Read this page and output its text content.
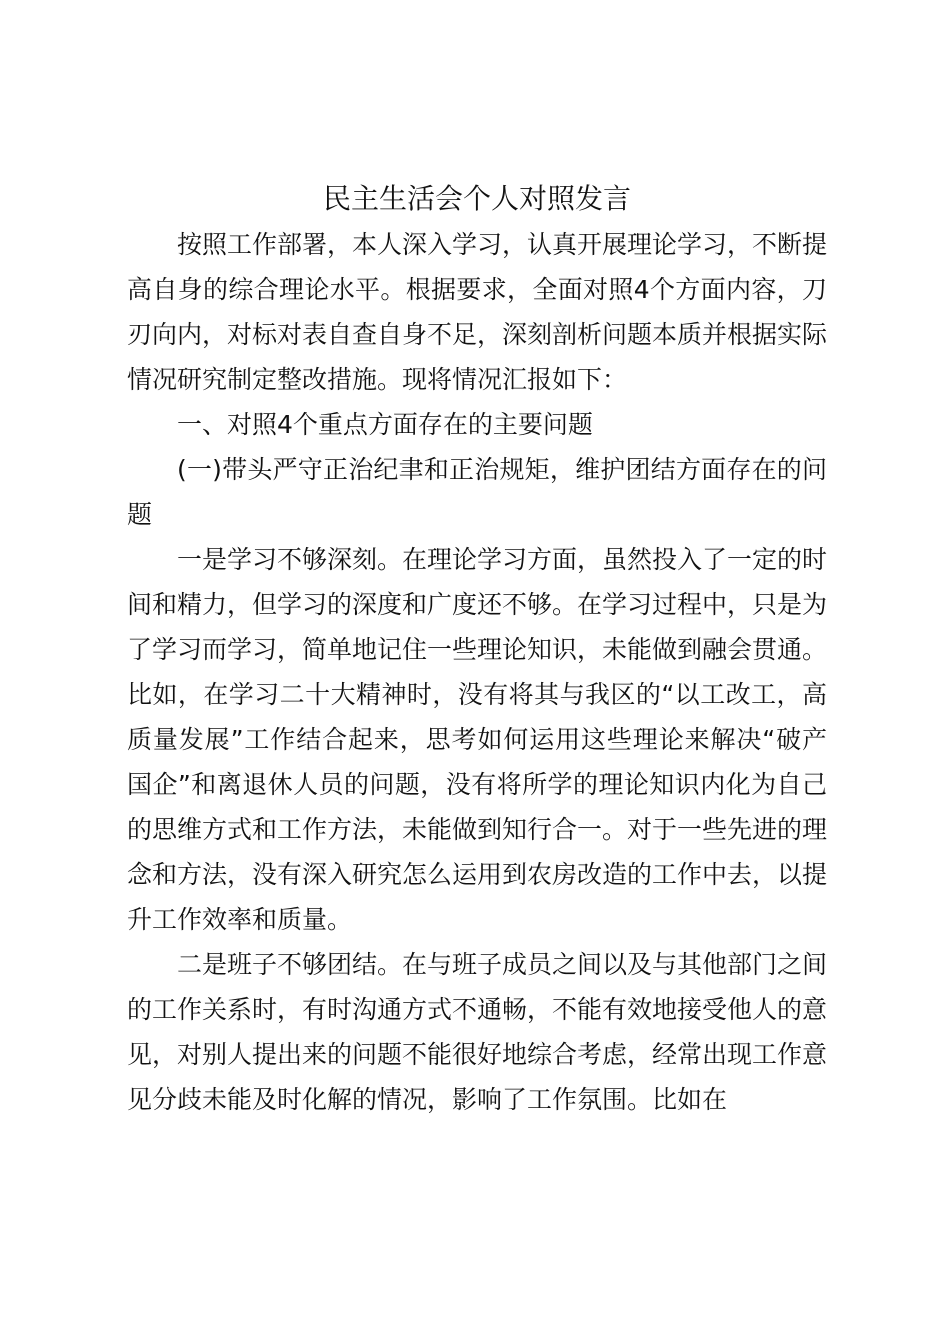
民主生活会个人对照发言

按照工作部署，本人深入学习，认真开展理论学习，不断提高自身的综合理论水平。根据要求，全面对照4个方面内容，刀刃向内，对标对表自查自身不足，深刻剖析问题本质并根据实际情况研究制定整改措施。现将情况汇报如下：

一、对照4个重点方面存在的主要问题

(一)带头严守正治纪聿和正治规矩，维护团结方面存在的问题

一是学习不够深刻。在理论学习方面，虽然投入了一定的时间和精力，但学习的深度和广度还不够。在学习过程中，只是为了学习而学习，简单地记住一些理论知识，未能做到融会贯通。比如，在学习二十大精神时，没有将其与我区的“以工改工，高质量发展”工作结合起来，思考如何运用这些理论来解决“破产国企”和离退休人员的问题，没有将所学的理论知识内化为自己的思维方式和工作方法，未能做到知行合一。对于一些先进的理念和方法，没有深入研究怎么运用到农房改造的工作中去，以提升工作效率和质量。

二是班子不够团结。在与班子成员之间以及与其他部门之间的工作关系时，有时沟通方式不通畅，不能有效地接受他人的意见，对别人提出来的问题不能很好地综合考虑，经常出现工作意见分歧未能及时化解的情况，影响了工作氛围。比如在
